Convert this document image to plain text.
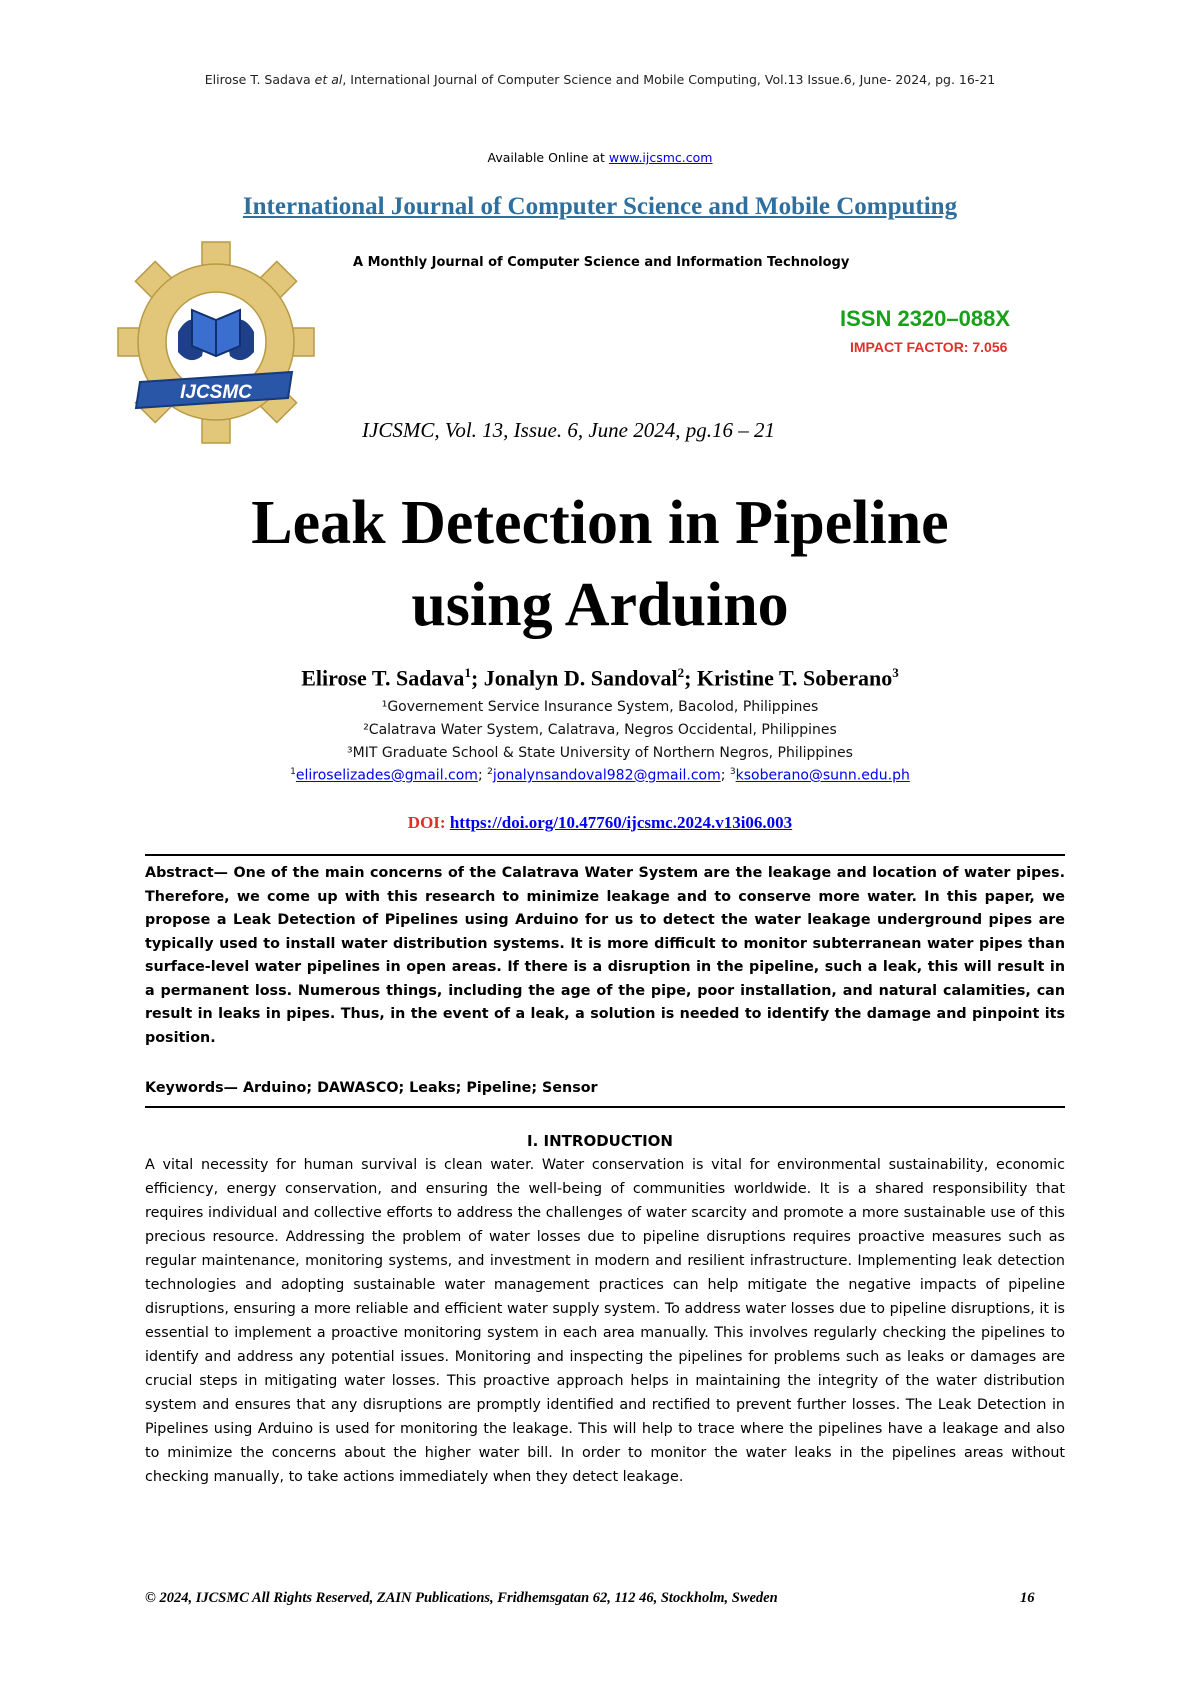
Elirose T. Sadava et al, International Journal of Computer Science and Mobile Computing, Vol.13 Issue.6, June- 2024, pg. 16-21
Available Online at www.ijcsmc.com
International Journal of Computer Science and Mobile Computing
IJCSMC
A Monthly Journal of Computer Science and Information Technology
ISSN 2320–088X
IMPACT FACTOR: 7.056
IJCSMC, Vol. 13, Issue. 6, June 2024, pg.16 – 21
Leak Detection in Pipeline
using Arduino
Elirose T. Sadava$^1$; Jonalyn D. Sandoval$^2$; Kristine T. Soberano$^3$
¹Governement Service Insurance System, Bacolod, Philippines
²Calatrava Water System, Calatrava, Negros Occidental, Philippines
³MIT Graduate School & State University of Northern Negros, Philippines
$^1$eliroselizades@gmail.com; $^2$jonalynsandoval982@gmail.com; $^3$ksoberano@sunn.edu.ph
DOI: https://doi.org/10.47760/ijcsmc.2024.v13i06.003
Abstract— One of the main concerns of the Calatrava Water System are the leakage and location of water pipes. Therefore, we come up with this research to minimize leakage and to conserve more water. In this paper, we propose a Leak Detection of Pipelines using Arduino for us to detect the water leakage underground pipes are typically used to install water distribution systems. It is more difficult to monitor subterranean water pipes than surface-level water pipelines in open areas. If there is a disruption in the pipeline, such a leak, this will result in a permanent loss. Numerous things, including the age of the pipe, poor installation, and natural calamities, can result in leaks in pipes. Thus, in the event of a leak, a solution is needed to identify the damage and pinpoint its position.
Keywords— Arduino; DAWASCO; Leaks; Pipeline; Sensor
I. INTRODUCTION
A vital necessity for human survival is clean water. Water conservation is vital for environmental sustainability, economic efficiency, energy conservation, and ensuring the well-being of communities worldwide. It is a shared responsibility that requires individual and collective efforts to address the challenges of water scarcity and promote a more sustainable use of this precious resource. Addressing the problem of water losses due to pipeline disruptions requires proactive measures such as regular maintenance, monitoring systems, and investment in modern and resilient infrastructure. Implementing leak detection technologies and adopting sustainable water management practices can help mitigate the negative impacts of pipeline disruptions, ensuring a more reliable and efficient water supply system. To address water losses due to pipeline disruptions, it is essential to implement a proactive monitoring system in each area manually. This involves regularly checking the pipelines to identify and address any potential issues. Monitoring and inspecting the pipelines for problems such as leaks or damages are crucial steps in mitigating water losses. This proactive approach helps in maintaining the integrity of the water distribution system and ensures that any disruptions are promptly identified and rectified to prevent further losses. The Leak Detection in Pipelines using Arduino is used for monitoring the leakage. This will help to trace where the pipelines have a leakage and also to minimize the concerns about the higher water bill. In order to monitor the water leaks in the pipelines areas without checking manually, to take actions immediately when they detect leakage.
© 2024, IJCSMC All Rights Reserved, ZAIN Publications, Fridhemsgatan 62, 112 46, Stockholm, Sweden	16
